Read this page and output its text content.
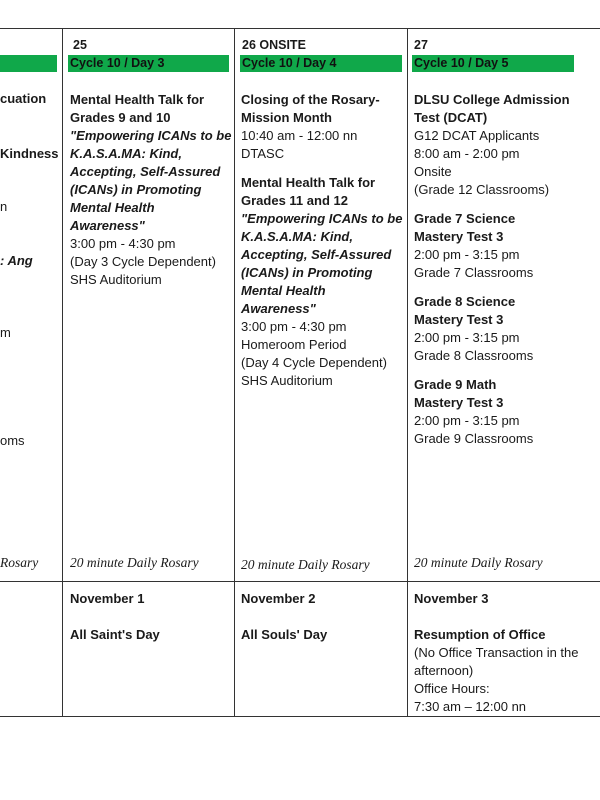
Cycle 10 / Day 3	Cycle 10 / Day 4	Cycle 10 / Day 5
cuation
Kindness
n
: Ang
m
oms
Rosary
25
Mental Health Talk for Grades 9 and 10
"Empowering ICANs to be K.A.S.A.MA: Kind, Accepting, Self-Assured (ICANs) in Promoting Mental Health Awareness"
3:00 pm - 4:30 pm
(Day 3 Cycle Dependent)
SHS Auditorium
20 minute Daily Rosary
26 ONSITE
Closing of the Rosary-Mission Month
10:40 am - 12:00 nn
DTASC
Mental Health Talk for Grades 11 and 12
"Empowering ICANs to be K.A.S.A.MA: Kind, Accepting, Self-Assured (ICANs) in Promoting Mental Health Awareness"
3:00 pm - 4:30 pm
Homeroom Period
(Day 4 Cycle Dependent)
SHS Auditorium
20 minute Daily Rosary
27
DLSU College Admission Test (DCAT)
G12 DCAT Applicants
8:00 am - 2:00 pm
Onsite
(Grade 12 Classrooms)
Grade 7 Science Mastery Test 3
2:00 pm - 3:15 pm
Grade 7 Classrooms
Grade 8 Science Mastery Test 3
2:00 pm - 3:15 pm
Grade 8 Classrooms
Grade 9 Math Mastery Test 3
2:00 pm - 3:15 pm
Grade 9 Classrooms
20 minute Daily Rosary
November 1
All Saint's Day
November 2
All Souls' Day
November 3
Resumption of Office
(No Office Transaction in the afternoon)
Office Hours:
7:30 am – 12:00 nn
